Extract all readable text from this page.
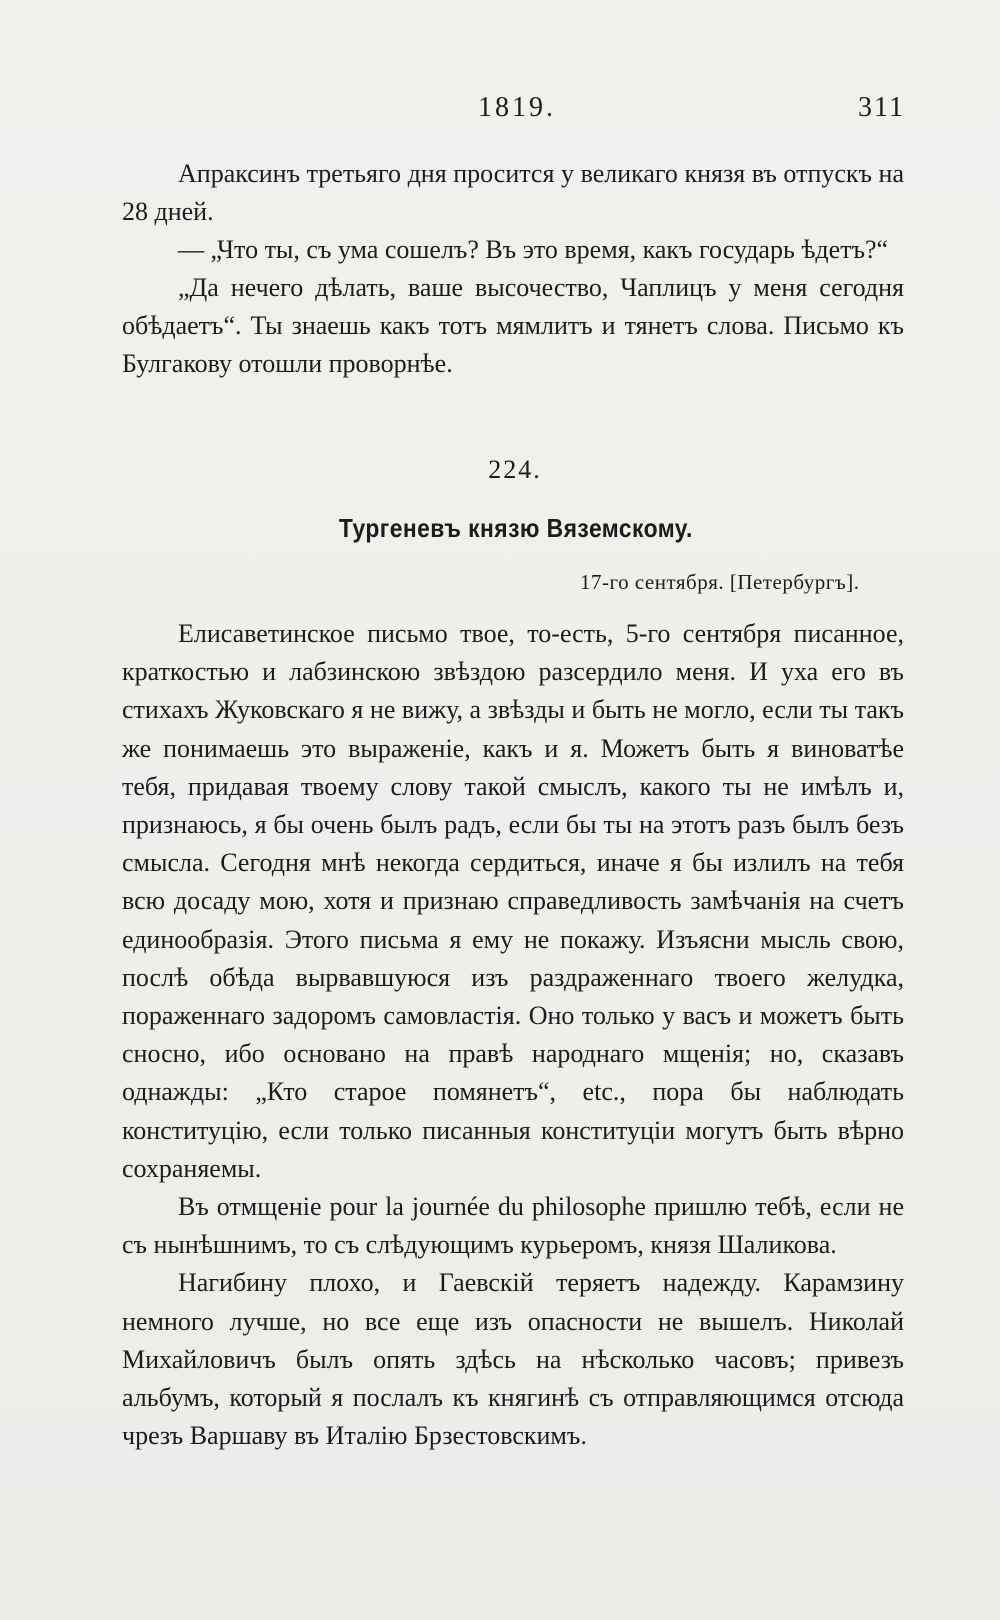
1819.	311

Апраксинъ третьяго дня просится у великаго князя въ отпускъ на 28 дней.

— „Что ты, съ ума сошелъ? Въ это время, какъ государь ѣдетъ?“

„Да нечего дѣлать, ваше высочество, Чаплицъ у меня сегодня обѣдаетъ“. Ты знаешь какъ тотъ мямлитъ и тянетъ слова. Письмо къ Булгакову отошли проворнѣе.

224.
Тургеневъ князю Вяземскому.
17-го сентября. [Петербургъ].

Елисаветинское письмо твое, то-есть, 5-го сентября писанное, краткостью и лабзинскою звѣздою разсердило меня. И уха его въ стихахъ Жуковскаго я не вижу, а звѣзды и быть не могло, если ты такъ же понимаешь это выраженіе, какъ и я. Можетъ быть я виноватѣе тебя, придавая твоему слову такой смыслъ, какого ты не имѣлъ и, признаюсь, я бы очень былъ радъ, если бы ты на этотъ разъ былъ безъ смысла. Сегодня мнѣ некогда сердиться, иначе я бы излилъ на тебя всю досаду мою, хотя и признаю справедливость замѣчанія на счетъ единообразія. Этого письма я ему не покажу. Изъясни мысль свою, послѣ обѣда вырвавшуюся изъ раздраженнаго твоего желудка, пораженнаго задоромъ самовластія. Оно только у васъ и можетъ быть сносно, ибо основано на правѣ народнаго мщенія; но, сказавъ однажды: „Кто старое помянетъ“, etc., пора бы наблюдать конституцію, если только писанныя конституціи могутъ быть вѣрно сохраняемы.

Въ отмщеніе pour la journée du philosophe пришлю тебѣ, если не съ нынѣшнимъ, то съ слѣдующимъ курьеромъ, князя Шаликова.

Нагибину плохо, и Гаевскій теряетъ надежду. Карамзину немного лучше, но все еще изъ опасности не вышелъ. Николай Михайловичъ былъ опять здѣсь на нѣсколько часовъ; привезъ альбумъ, который я послалъ къ княгинѣ съ отправляющимся отсюда чрезъ Варшаву въ Италію Брзестовскимъ.
